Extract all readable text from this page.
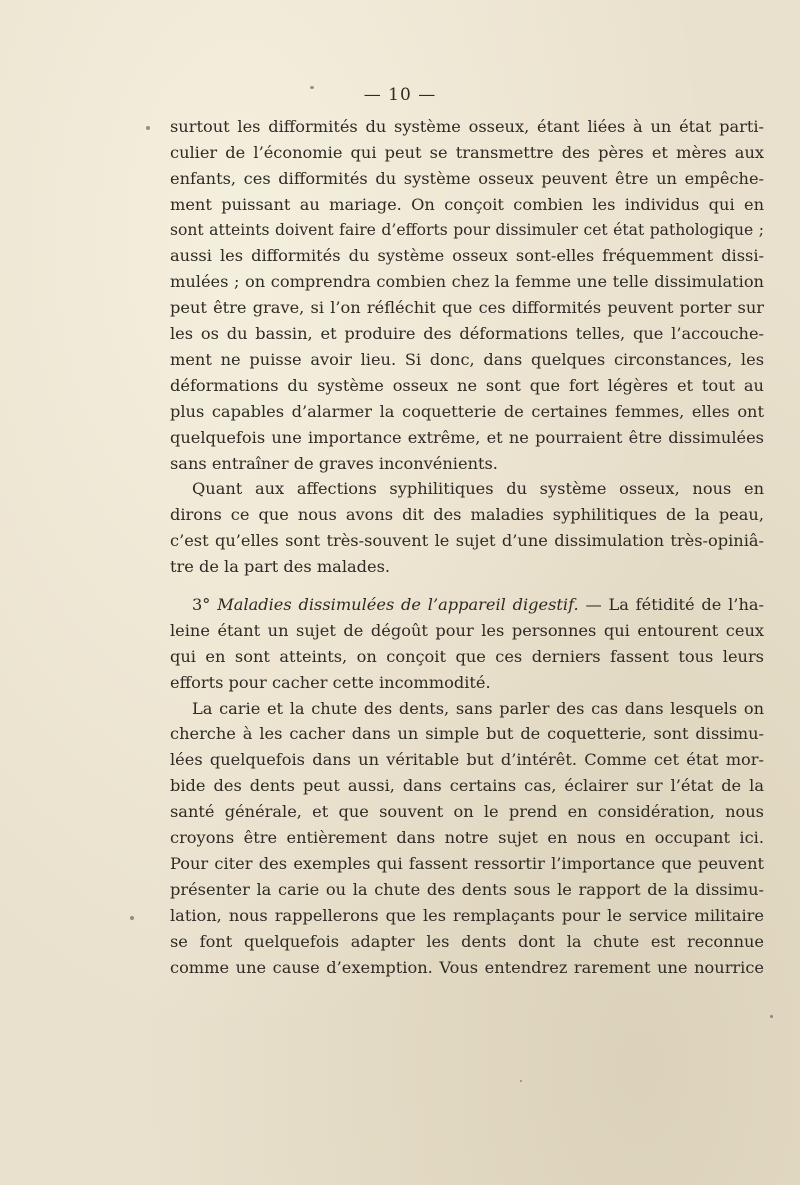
— 10 —
surtout les difformités du système osseux, étant liées à un état parti-
culier de l’économie qui peut se transmettre des pères et mères aux
enfants, ces difformités du système osseux peuvent être un empêche-
ment puissant au mariage. On conçoit combien les individus qui en
sont atteints doivent faire d’efforts pour dissimuler cet état pathologique ;
aussi les difformités du système osseux sont-elles fréquemment dissi-
mulées ; on comprendra combien chez la femme une telle dissimulation
peut être grave, si l’on réfléchit que ces difformités peuvent porter sur
les os du bassin, et produire des déformations telles, que l’accouche-
ment ne puisse avoir lieu. Si donc, dans quelques circonstances, les
déformations du système osseux ne sont que fort légères et tout au
plus capables d’alarmer la coquetterie de certaines femmes, elles ont
quelquefois une importance extrême, et ne pourraient être dissimulées
sans entraîner de graves inconvénients.
Quant aux affections syphilitiques du système osseux, nous en
dirons ce que nous avons dit des maladies syphilitiques de la peau,
c’est qu’elles sont très-souvent le sujet d’une dissimulation très-opiniâ-
tre de la part des malades.
3° Maladies dissimulées de l’appareil digestif. — La fétidité de l’ha-
leine étant un sujet de dégoût pour les personnes qui entourent ceux
qui en sont atteints, on conçoit que ces derniers fassent tous leurs
efforts pour cacher cette incommodité.
La carie et la chute des dents, sans parler des cas dans lesquels on
cherche à les cacher dans un simple but de coquetterie, sont dissimu-
lées quelquefois dans un véritable but d’intérêt. Comme cet état mor-
bide des dents peut aussi, dans certains cas, éclairer sur l’état de la
santé générale, et que souvent on le prend en considération, nous
croyons être entièrement dans notre sujet en nous en occupant ici.
Pour citer des exemples qui fassent ressortir l’importance que peuvent
présenter la carie ou la chute des dents sous le rapport de la dissimu-
lation, nous rappellerons que les remplaçants pour le service militaire
se font quelquefois adapter les dents dont la chute est reconnue
comme une cause d’exemption. Vous entendrez rarement une nourrice
